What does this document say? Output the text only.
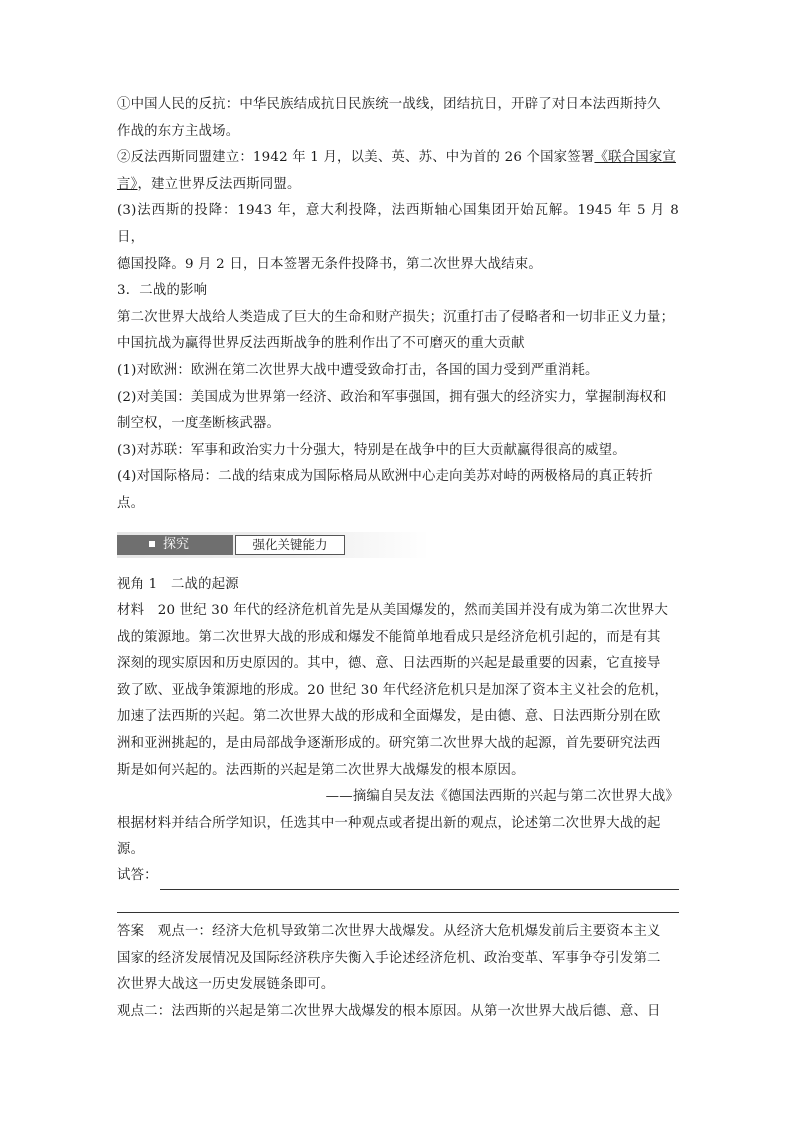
①中国人民的反抗：中华民族结成抗日民族统一战线，团结抗日，开辟了对日本法西斯持久

作战的东方主战场。

②反法西斯同盟建立：1942 年 1 月，以美、英、苏、中为首的 26 个国家签署《联合国家宣

言》，建立世界反法西斯同盟。

(3)法西斯的投降：1943 年，意大利投降，法西斯轴心国集团开始瓦解。1945 年 5 月 8 日，

德国投降。9 月 2 日，日本签署无条件投降书，第二次世界大战结束。

3．二战的影响

第二次世界大战给人类造成了巨大的生命和财产损失；沉重打击了侵略者和一切非正义力量；

中国抗战为赢得世界反法西斯战争的胜利作出了不可磨灭的重大贡献

(1)对欧洲：欧洲在第二次世界大战中遭受致命打击，各国的国力受到严重消耗。

(2)对美国：美国成为世界第一经济、政治和军事强国，拥有强大的经济实力，掌握制海权和

制空权，一度垄断核武器。

(3)对苏联：军事和政治实力十分强大，特别是在战争中的巨大贡献赢得很高的威望。

(4)对国际格局：二战的结束成为国际格局从欧洲中心走向美苏对峙的两极格局的真正转折

点。

探究	强化关键能力

视角 1　二战的起源

材料　20 世纪 30 年代的经济危机首先是从美国爆发的，然而美国并没有成为第二次世界大

战的策源地。第二次世界大战的形成和爆发不能简单地看成只是经济危机引起的，而是有其

深刻的现实原因和历史原因的。其中，德、意、日法西斯的兴起是最重要的因素，它直接导

致了欧、亚战争策源地的形成。20 世纪 30 年代经济危机只是加深了资本主义社会的危机，

加速了法西斯的兴起。第二次世界大战的形成和全面爆发，是由德、意、日法西斯分别在欧

洲和亚洲挑起的，是由局部战争逐渐形成的。研究第二次世界大战的起源，首先要研究法西

斯是如何兴起的。法西斯的兴起是第二次世界大战爆发的根本原因。

——摘编自吴友法《德国法西斯的兴起与第二次世界大战》

根据材料并结合所学知识，任选其中一种观点或者提出新的观点，论述第二次世界大战的起

源。

试答：

答案　观点一：经济大危机导致第二次世界大战爆发。从经济大危机爆发前后主要资本主义

国家的经济发展情况及国际经济秩序失衡入手论述经济危机、政治变革、军事争夺引发第二

次世界大战这一历史发展链条即可。

观点二：法西斯的兴起是第二次世界大战爆发的根本原因。从第一次世界大战后德、意、日
